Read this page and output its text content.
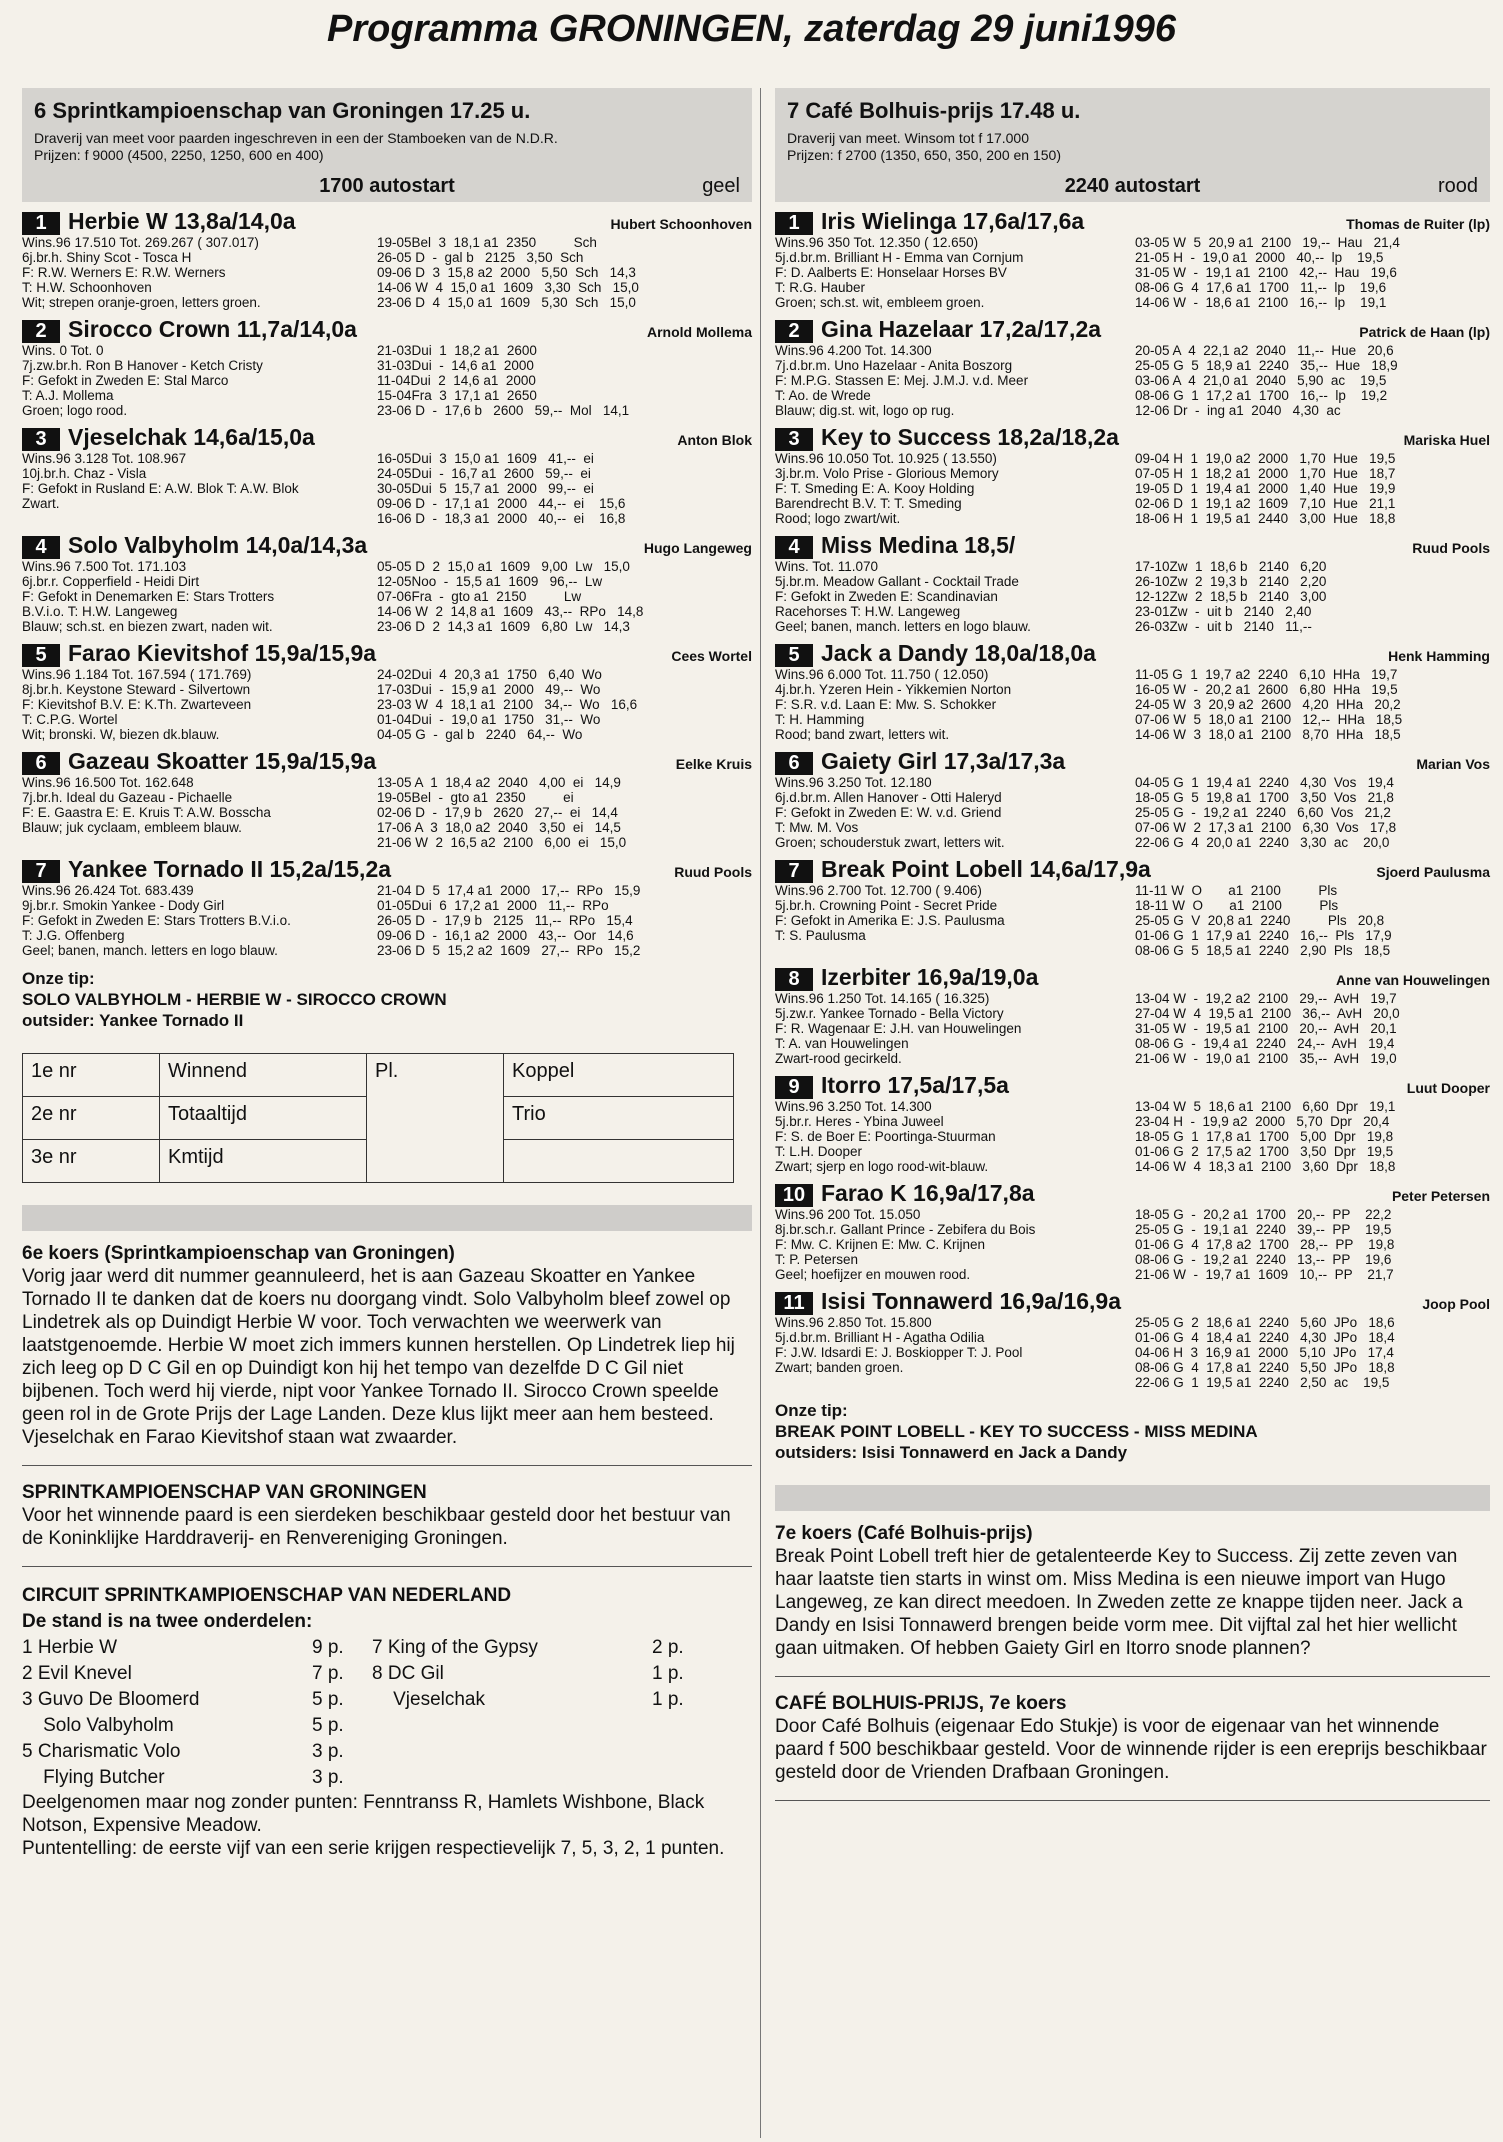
Programma GRONINGEN, zaterdag 29 juni1996
6 Sprintkampioenschap van Groningen 17.25 u.
Draverij van meet voor paarden ingeschreven in een der Stamboeken van de N.D.R.
Prijzen: f 9000 (4500, 2250, 1250, 600 en 400)
1700 autostart	geel
1 Herbie W 13,8a/14,0a	Hubert Schoonhoven
Wins.96 17.510 Tot. 269.267 ( 307.017)
6j.br.h. Shiny Scot - Tosca H
F: R.W. Werners E: R.W. Werners
T: H.W. Schoonhoven
Wit; strepen oranje-groen, letters groen.
19-05Bel  3  18,1 a1  2350          Sch
26-05 D  -  gal b   2125   3,50  Sch
09-06 D  3  15,8 a2  2000   5,50  Sch   14,3
14-06 W  4  15,0 a1  1609   3,30  Sch   15,0
23-06 D  4  15,0 a1  1609   5,30  Sch   15,0
2 Sirocco Crown 11,7a/14,0a	Arnold Mollema
Wins. 0 Tot. 0
7j.zw.br.h. Ron B Hanover - Ketch Cristy
F: Gefokt in Zweden E: Stal Marco
T: A.J. Mollema
Groen; logo rood.
21-03Dui  1  18,2 a1  2600
31-03Dui  -  14,6 a1  2000
11-04Dui  2  14,6 a1  2000
15-04Fra  3  17,1 a1  2650
23-06 D  -  17,6 b   2600   59,--  Mol   14,1
3 Vjeselchak 14,6a/15,0a	Anton Blok
Wins.96 3.128 Tot. 108.967
10j.br.h. Chaz - Visla
F: Gefokt in Rusland E: A.W. Blok T: A.W. Blok
Zwart.
16-05Dui  3  15,0 a1  1609   41,--  ei
24-05Dui  -  16,7 a1  2600   59,--  ei
30-05Dui  5  15,7 a1  2000   99,--  ei
09-06 D  -  17,1 a1  2000   44,--  ei    15,6
16-06 D  -  18,3 a1  2000   40,--  ei    16,8
4 Solo Valbyholm 14,0a/14,3a	Hugo Langeweg
Wins.96 7.500 Tot. 171.103
6j.br.r. Copperfield - Heidi Dirt
F: Gefokt in Denemarken E: Stars Trotters
B.V.i.o. T: H.W. Langeweg
Blauw; sch.st. en biezen zwart, naden wit.
05-05 D  2  15,0 a1  1609   9,00  Lw   15,0
12-05Noo  -  15,5 a1  1609   96,--  Lw
07-06Fra  -  gto a1  2150          Lw
14-06 W  2  14,8 a1  1609   43,--  RPo   14,8
23-06 D  2  14,3 a1  1609   6,80  Lw   14,3
5 Farao Kievitshof 15,9a/15,9a	Cees Wortel
Wins.96 1.184 Tot. 167.594 ( 171.769)
8j.br.h. Keystone Steward - Silvertown
F: Kievitshof B.V. E: K.Th. Zwarteveen
T: C.P.G. Wortel
Wit; bronski. W, biezen dk.blauw.
24-02Dui  4  20,3 a1  1750   6,40  Wo
17-03Dui  -  15,9 a1  2000   49,--  Wo
23-03 W  4  18,1 a1  2100   34,--  Wo   16,6
01-04Dui  -  19,0 a1  1750   31,--  Wo
04-05 G  -  gal b   2240   64,--  Wo
6 Gazeau Skoatter 15,9a/15,9a	Eelke Kruis
Wins.96 16.500 Tot. 162.648
7j.br.h. Ideal du Gazeau - Pichaelle
F: E. Gaastra E: E. Kruis T: A.W. Bosscha
Blauw; juk cyclaam, embleem blauw.
13-05 A  1  18,4 a2  2040   4,00  ei   14,9
19-05Bel  -  gto a1  2350          ei
02-06 D  -  17,9 b   2620   27,--  ei   14,4
17-06 A  3  18,0 a2  2040   3,50  ei   14,5
21-06 W  2  16,5 a2  2100   6,00  ei   15,0
7 Yankee Tornado II 15,2a/15,2a	Ruud Pools
Wins.96 26.424 Tot. 683.439
9j.br.r. Smokin Yankee - Dody Girl
F: Gefokt in Zweden E: Stars Trotters B.V.i.o.
T: J.G. Offenberg
Geel; banen, manch. letters en logo blauw.
21-04 D  5  17,4 a1  2000   17,--  RPo   15,9
01-05Dui  6  17,2 a1  2000   11,--  RPo
26-05 D  -  17,9 b   2125   11,--  RPo   15,4
09-06 D  -  16,1 a2  2000   43,--  Oor   14,6
23-06 D  5  15,2 a2  1609   27,--  RPo   15,2
Onze tip:
SOLO VALBYHOLM - HERBIE W - SIROCCO CROWN
outsider: Yankee Tornado II
1e nr	Winnend	Pl.	Koppel
2e nr	Totaaltijd		Trio
3e nr	Kmtijd		
6e koers (Sprintkampioenschap van Groningen)

Vorig jaar werd dit nummer geannuleerd, het is aan Gazeau Skoatter en Yankee Tornado II te danken dat de koers nu doorgang vindt. Solo Valbyholm bleef zowel op Lindetrek als op Duindigt Herbie W voor. Toch verwachten we weerwerk van laatstgenoemde. Herbie W moet zich immers kunnen herstellen. Op Lindetrek liep hij zich leeg op D C Gil en op Duindigt kon hij het tempo van dezelfde D C Gil niet bijbenen. Toch werd hij vierde, nipt voor Yankee Tornado II. Sirocco Crown speelde geen rol in de Grote Prijs der Lage Landen. Deze klus lijkt meer aan hem besteed. Vjeselchak en Farao Kievitshof staan wat zwaarder.

SPRINTKAMPIOENSCHAP VAN GRONINGEN

Voor het winnende paard is een sierdeken beschikbaar gesteld door het bestuur van de Koninklijke Harddraverij- en Renvereniging Groningen.

CIRCUIT SPRINTKAMPIOENSCHAP VAN NEDERLAND
De stand is na twee onderdelen:
1 Herbie W	9 p.	7 King of the Gypsy	2 p.
2 Evil Knevel	7 p.	8 DC Gil	1 p.
3 Guvo De Bloomerd	5 p.	Vjeselchak	1 p.
Solo Valbyholm	5 p.
5 Charismatic Volo	3 p.
Flying Butcher	3 p.

Deelgenomen maar nog zonder punten: Fenntranss R, Hamlets Wishbone, Black Notson, Expensive Meadow.

Puntentelling: de eerste vijf van een serie krijgen respectievelijk 7, 5, 3, 2, 1 punten.

7 Café Bolhuis-prijs 17.48 u.
Draverij van meet. Winsom tot f 17.000
Prijzen: f 2700 (1350, 650, 350, 200 en 150)
2240 autostart	rood
1 Iris Wielinga 17,6a/17,6a	Thomas de Ruiter (lp)
Wins.96 350 Tot. 12.350 ( 12.650)
5j.d.br.m. Brilliant H - Emma van Cornjum
F: D. Aalberts E: Honselaar Horses BV
T: R.G. Hauber
Groen; sch.st. wit, embleem groen.
03-05 W  5  20,9 a1  2100   19,--  Hau   21,4
21-05 H  -  19,0 a1  2000   40,--  lp    19,5
31-05 W  -  19,1 a1  2100   42,--  Hau   19,6
08-06 G  4  17,6 a1  1700   11,--  lp    19,6
14-06 W  -  18,6 a1  2100   16,--  lp    19,1
2 Gina Hazelaar 17,2a/17,2a	Patrick de Haan (lp)
Wins.96 4.200 Tot. 14.300
7j.d.br.m. Uno Hazelaar - Anita Boszorg
F: M.P.G. Stassen E: Mej. J.M.J. v.d. Meer
T: Ao. de Wrede
Blauw; dig.st. wit, logo op rug.
20-05 A  4  22,1 a2  2040   11,--  Hue   20,6
25-05 G  5  18,9 a1  2240   35,--  Hue   18,9
03-06 A  4  21,0 a1  2040   5,90  ac    19,5
08-06 G  1  17,2 a1  1700   16,--  lp    19,2
12-06 Dr  -  ing a1  2040   4,30  ac
3 Key to Success 18,2a/18,2a	Mariska Huel
Wins.96 10.050 Tot. 10.925 ( 13.550)
3j.br.m. Volo Prise - Glorious Memory
F: T. Smeding E: A. Kooy Holding
Barendrecht B.V. T: T. Smeding
Rood; logo zwart/wit.
09-04 H  1  19,0 a2  2000   1,70  Hue   19,5
07-05 H  1  18,2 a1  2000   1,70  Hue   18,7
19-05 D  1  19,4 a1  2000   1,40  Hue   19,9
02-06 D  1  19,1 a2  1609   7,10  Hue   21,1
18-06 H  1  19,5 a1  2440   3,00  Hue   18,8
4 Miss Medina 18,5/	Ruud Pools
Wins. Tot. 11.070
5j.br.m. Meadow Gallant - Cocktail Trade
F: Gefokt in Zweden E: Scandinavian
Racehorses T: H.W. Langeweg
Geel; banen, manch. letters en logo blauw.
17-10Zw  1  18,6 b   2140   6,20
26-10Zw  2  19,3 b   2140   2,20
12-12Zw  2  18,5 b   2140   3,00
23-01Zw  -  uit b   2140   2,40
26-03Zw  -  uit b   2140   11,--
5 Jack a Dandy 18,0a/18,0a	Henk Hamming
Wins.96 6.000 Tot. 11.750 ( 12.050)
4j.br.h. Yzeren Hein - Yikkemien Norton
F: S.R. v.d. Laan E: Mw. S. Schokker
T: H. Hamming
Rood; band zwart, letters wit.
11-05 G  1  19,7 a2  2240   6,10  HHa   19,7
16-05 W  -  20,2 a1  2600   6,80  HHa   19,5
24-05 W  3  20,9 a2  2600   4,20  HHa   20,2
07-06 W  5  18,0 a1  2100   12,--  HHa   18,5
14-06 W  3  18,0 a1  2100   8,70  HHa   18,5
6 Gaiety Girl 17,3a/17,3a	Marian Vos
Wins.96 3.250 Tot. 12.180
6j.d.br.m. Allen Hanover - Otti Haleryd
F: Gefokt in Zweden E: W. v.d. Griend
T: Mw. M. Vos
Groen; schouderstuk zwart, letters wit.
04-05 G  1  19,4 a1  2240   4,30  Vos   19,4
18-05 G  5  19,8 a1  1700   3,50  Vos   21,8
25-05 G  -  19,2 a1  2240   6,60  Vos   21,2
07-06 W  2  17,3 a1  2100   6,30  Vos   17,8
22-06 G  4  20,0 a1  2240   3,30  ac    20,0
7 Break Point Lobell 14,6a/17,9a	Sjoerd Paulusma
Wins.96 2.700 Tot. 12.700 ( 9.406)
5j.br.h. Crowning Point - Secret Pride
F: Gefokt in Amerika E: J.S. Paulusma
T: S. Paulusma
11-11 W  O       a1  2100          Pls
18-11 W  O       a1  2100          Pls
25-05 G  V  20,8 a1  2240          Pls   20,8
01-06 G  1  17,9 a1  2240   16,--  Pls   17,9
08-06 G  5  18,5 a1  2240   2,90  Pls   18,5
8 Izerbiter 16,9a/19,0a	Anne van Houwelingen
Wins.96 1.250 Tot. 14.165 ( 16.325)
5j.zw.r. Yankee Tornado - Bella Victory
F: R. Wagenaar E: J.H. van Houwelingen
T: A. van Houwelingen
Zwart-rood gecirkeld.
13-04 W  -  19,2 a2  2100   29,--  AvH   19,7
27-04 W  4  19,5 a1  2100   36,--  AvH   20,0
31-05 W  -  19,5 a1  2100   20,--  AvH   20,1
08-06 G  -  19,4 a1  2240   24,--  AvH   19,4
21-06 W  -  19,0 a1  2100   35,--  AvH   19,0
9 Itorro 17,5a/17,5a	Luut Dooper
Wins.96 3.250 Tot. 14.300
5j.br.r. Heres - Ybina Juweel
F: S. de Boer E: Poortinga-Stuurman
T: L.H. Dooper
Zwart; sjerp en logo rood-wit-blauw.
13-04 W  5  18,6 a1  2100   6,60  Dpr   19,1
23-04 H  -  19,9 a2  2000   5,70  Dpr   20,4
18-05 G  1  17,8 a1  1700   5,00  Dpr   19,8
01-06 G  2  17,5 a2  1700   3,50  Dpr   19,5
14-06 W  4  18,3 a1  2100   3,60  Dpr   18,8
10 Farao K 16,9a/17,8a	Peter Petersen
Wins.96 200 Tot. 15.050
8j.br.sch.r. Gallant Prince - Zebifera du Bois
F: Mw. C. Krijnen E: Mw. C. Krijnen
T: P. Petersen
Geel; hoefijzer en mouwen rood.
18-05 G  -  20,2 a1  1700   20,--  PP    22,2
25-05 G  -  19,1 a1  2240   39,--  PP    19,5
01-06 G  4  17,8 a2  1700   28,--  PP    19,8
08-06 G  -  19,2 a1  2240   13,--  PP    19,6
21-06 W  -  19,7 a1  1609   10,--  PP    21,7
11 Isisi Tonnawerd 16,9a/16,9a	Joop Pool
Wins.96 2.850 Tot. 15.800
5j.d.br.m. Brilliant H - Agatha Odilia
F: J.W. Idsardi E: J. Boskiopper T: J. Pool
Zwart; banden groen.
25-05 G  2  18,6 a1  2240   5,60  JPo   18,6
01-06 G  4  18,4 a1  2240   4,30  JPo   18,4
04-06 H  3  16,9 a1  2000   5,10  JPo   17,4
08-06 G  4  17,8 a1  2240   5,50  JPo   18,8
22-06 G  1  19,5 a1  2240   2,50  ac    19,5
Onze tip:
BREAK POINT LOBELL - KEY TO SUCCESS - MISS MEDINA
outsiders: Isisi Tonnawerd en Jack a Dandy
7e koers (Café Bolhuis-prijs)

Break Point Lobell treft hier de getalenteerde Key to Success. Zij zette zeven van haar laatste tien starts in winst om. Miss Medina is een nieuwe import van Hugo Langeweg, ze kan direct meedoen. In Zweden zette ze knappe tijden neer. Jack a Dandy en Isisi Tonnawerd brengen beide vorm mee. Dit vijftal zal het hier wellicht gaan uitmaken. Of hebben Gaiety Girl en Itorro snode plannen?

CAFÉ BOLHUIS-PRIJS, 7e koers

Door Café Bolhuis (eigenaar Edo Stukje) is voor de eigenaar van het winnende paard f 500 beschikbaar gesteld. Voor de winnende rijder is een ereprijs beschikbaar gesteld door de Vrienden Drafbaan Groningen.
